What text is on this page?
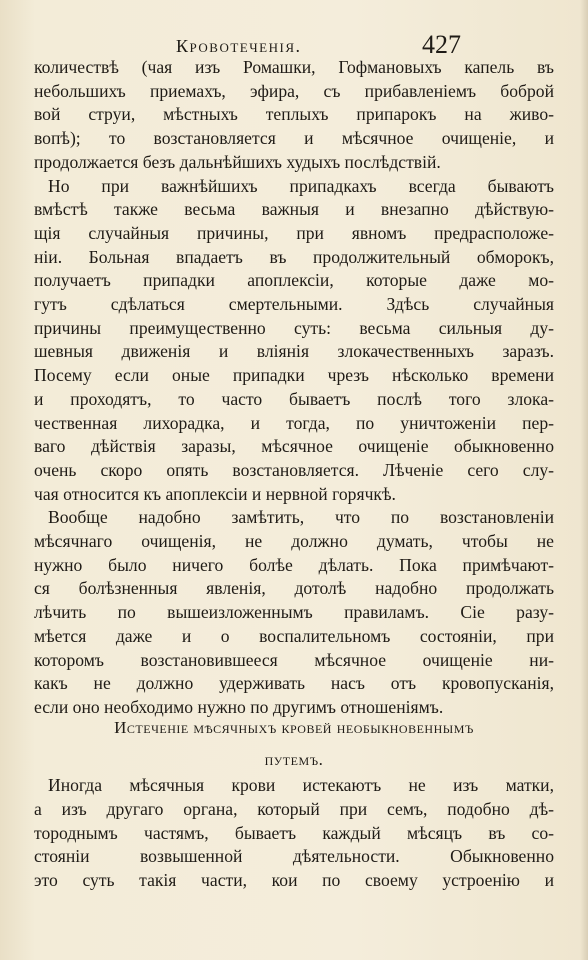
Кровотеченія.	427
количествѣ (чая изъ Ромашки, Гофмановыхъ капель въ
небольшихъ приемахъ, эфира, съ прибавленіемъ боброй
вой струи, мѣстныхъ теплыхъ припарокъ на живо-
вопѣ); то возстановляется и мѣсячное очищеніе, и
продолжается безъ дальнѣйшихъ худыхъ послѣдствій.
Но при важнѣйшихъ припадкахъ всегда бываютъ
вмѣстѣ также весьма важныя и внезапно дѣйствую-
щія случайныя причины, при явномъ предрасположе-
ніи. Больная впадаетъ въ продолжительный обморокъ,
получаетъ припадки апоплексіи, которые даже мо-
гутъ сдѣлаться смертельными. Здѣсь случайныя
причины преимущественно суть: весьма сильныя ду-
шевныя движенія и вліянія злокачественныхъ заразъ.
Посему если оные припадки чрезъ нѣсколько времени
и проходятъ, то часто бываетъ послѣ того злока-
чественная лихорадка, и тогда, по уничтоженіи пер-
ваго дѣйствія заразы, мѣсячное очищеніе обыкновенно
очень скоро опять возстановляется. Лѣченіе сего слу-
чая относится къ апоплексіи и нервной горячкѣ.
Вообще надобно замѣтить, что по возстановленіи
мѣсячнаго очищенія, не должно думать, чтобы не
нужно было ничего болѣе дѣлать. Пока примѣчают-
ся болѣзненныя явленія, дотолѣ надобно продолжать
лѣчить по вышеизложеннымъ правиламъ. Сіе разу-
мѣется даже и о воспалительномъ состояніи, при
которомъ возстановившееся мѣсячное очищеніе ни-
какъ не должно удерживать насъ отъ кровопусканія,
если оно необходимо нужно по другимъ отношеніямъ.
Истеченіе мѣсячныхъ кровей необыкновеннымъ
путемъ.
Иногда мѣсячныя крови истекаютъ не изъ матки,
а изъ другаго органа, который при семъ, подобно дѣ-
тороднымъ частямъ, бываетъ каждый мѣсяцъ въ со-
стояніи возвышенной дѣятельности. Обыкновенно
это суть такія части, кои по своему устроенію и
